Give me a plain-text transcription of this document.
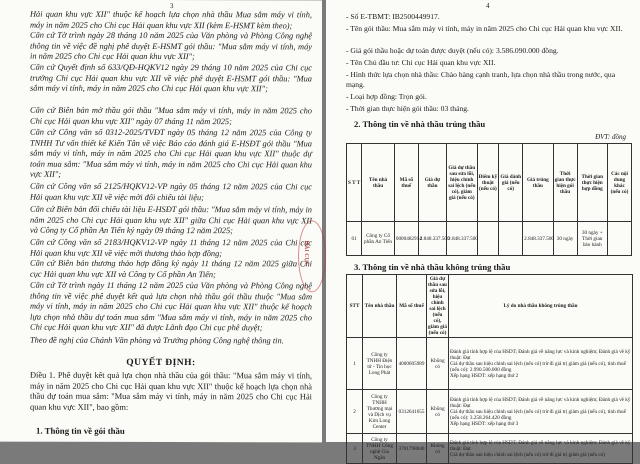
3
Hải quan khu vực XII" thuộc kế hoạch lựa chọn nhà thầu Mua sắm máy vi tính, máy in năm 2025 cho Chi cục Hải quan khu vực XII (kèm E-HSMT kèm theo);
Căn cứ Tờ trình ngày 28 tháng 10 năm 2025 của Văn phòng và Phòng Công nghệ thông tin về việc đề nghị phê duyệt E-HSMT gói thầu: "Mua sắm máy vi tính, máy in năm 2025 cho Chi cục Hải quan khu vực XII";
Căn cứ Quyết định số 633/QĐ-HQKV12 ngày 29 tháng 10 năm 2025 của Chi cục trưởng Chi cục Hải quan khu vực XII về việc phê duyệt E-HSMT gói thầu: "Mua sắm máy vi tính, máy in năm 2025 cho Chi cục Hải quan khu vực XII";
Căn cứ Biên bản mở thầu gói thầu "Mua sắm máy vi tính, máy in năm 2025 cho Chi cục Hải quan khu vực XII" ngày 07 tháng 11 năm 2025;
Căn cứ Công văn số 0312-2025/TVĐT ngày 05 tháng 12 năm 2025 của Công ty TNHH Tư vấn thiết kế Kiến Tân về việc Báo cáo đánh giá E-HSĐT gói thầu "Mua sắm máy vi tính, máy in năm 2025 cho Chi cục Hải quan khu vực XII" thuộc dự toán mua sắm: "Mua sắm máy vi tính, máy in năm 2025 cho Chi cục Hải quan khu vực XII";
Căn cứ Công văn số 2125/HQKV12-VP ngày 05 tháng 12 năm 2025 của Chi cục Hải quan khu vực XII về việc mời đối chiếu tài liệu;
Căn cứ Biên bản đối chiếu tài liệu E-HSĐT gói thầu: "Mua sắm máy vi tính, máy in năm 2025 cho Chi cục Hải quan khu vực XII" giữa Chi cục Hải quan khu vực XII và Công ty Cổ phần An Tiến ký ngày 09 tháng 12 năm 2025;
Căn cứ Công văn số 2183/HQKV12-VP ngày 11 tháng 12 năm 2025 của Chi cục Hải quan khu vực XII về việc mời thương thảo hợp đồng;
Căn cứ Biên bản thương thảo hợp đồng ký ngày 11 tháng 12 năm 2025 giữa Chi cục Hải quan khu vực XII và Công ty Cổ phần An Tiến;
Căn cứ Tờ trình ngày 11 tháng 12 năm 2025 của Văn phòng và Phòng Công nghệ thông tin về việc phê duyệt kết quả lựa chọn nhà thầu gói thầu thuộc "Mua sắm máy vi tính, máy in năm 2025 cho Chi cục Hải quan khu vực XII" thuộc kế hoạch lựa chọn nhà thầu dự toán mua sắm "Mua sắm máy vi tính, máy in năm 2025 cho Chi cục Hải quan khu vực XII" đã được Lãnh đạo Chi cục phê duyệt;
Theo đề nghị của Chánh Văn phòng và Trưởng phòng Công nghệ thông tin.
QUYẾT ĐỊNH:
Điều 1. Phê duyệt kết quả lựa chọn nhà thầu của gói thầu: "Mua sắm máy vi tính, máy in năm 2025 cho Chi cục Hải quan khu vực XII" thuộc kế hoạch lựa chọn nhà thầu dự toán mua sắm: "Mua sắm máy vi tính, máy in năm 2025 cho Chi cục Hải quan khu vực XII", bao gồm:
1. Thông tin về gói thầu
HẢI CỤC
4
- Số E-TBMT: IB2500449917.
- Tên gói thầu: Mua sắm máy vi tính, máy in năm 2025 cho Chi cục Hải quan khu vực XII.
- Giá gói thầu hoặc dự toán được duyệt (nếu có): 3.586.090.000 đồng.
- Tên Chủ đầu tư: Chi cục Hải quan khu vực XII.
- Hình thức lựa chọn nhà thầu: Chào hàng cạnh tranh, lựa chọn nhà thầu trong nước, qua mạng.
- Loại hợp đồng: Trọn gói.
- Thời gian thực hiện gói thầu: 03 tháng.
2. Thông tin về nhà thầu trúng thầu
ĐVT: đồng
S T T	Tên nhà thầu	Mã số thuế	Giá dự thầu	Giá dự thầu sau sửa lỗi, hiệu chỉnh sai lệch (nếu có), giảm giá (nếu có)	Điểm kỹ thuật (nếu có)	Giá đánh giá (nếu có)	Giá trúng thầu	Thời gian thực hiện gói thầu	Thời gian thực hiện hợp đồng	Các nội dung khác (nếu có)
01	Công ty Cổ phần An Tiến	0000482914	2.848.337.500	2.848.337.500			2.848.337.500	30 ngày	30 ngày + Thời gian bảo hành	
3. Thông tin về nhà thầu không trúng thầu
STT	Tên nhà thầu	Mã số thuế	Giá dự thầu sau sửa lỗi, hiệu chỉnh sai lệch (nếu có), giảm giá (nếu có)	Lý do nhà thầu không trúng thầu
1	Công ty TNHH Điện tử - Tin học Long Phát	4000605989	Không có	Đánh giá tính hợp lệ của HSDT; Đánh giá về năng lực và kinh nghiệm; Đánh giá về kỹ thuật: Đạt
Giá dự thầu sau hiệu chỉnh sai lệch (nếu có) trừ đi giá trị giảm giá (nếu có), tính thuế (nếu có): 2.990.500.000 đồng
Xếp hạng HSDT: xếp hạng thứ 2
2	Công ty TNHH Thương mại và Dịch vụ Kim Long Center	0312641655	Không có	Đánh giá tính hợp lệ của HSDT; Đánh giá về năng lực và kinh nghiệm; Đánh giá về kỹ thuật: Đạt
Giá dự thầu sau hiệu chỉnh sai lệch (nếu có) trừ đi giá trị giảm giá (nếu có), tính thuế (nếu có): 3.258.264.420 đồng
Xếp hạng HSDT: xếp hạng thứ 3
3	Công ty TNHH Công nghệ Gia Ngân	3701798840	Không có	Đánh giá tính hợp lệ của HSDT; Đánh giá về năng lực và kinh nghiệm; Đánh giá về kỹ thuật: Đạt
Giá dự thầu sau hiệu chỉnh sai lệch (nếu có) trừ đi giá trị giảm giá (nếu có)
